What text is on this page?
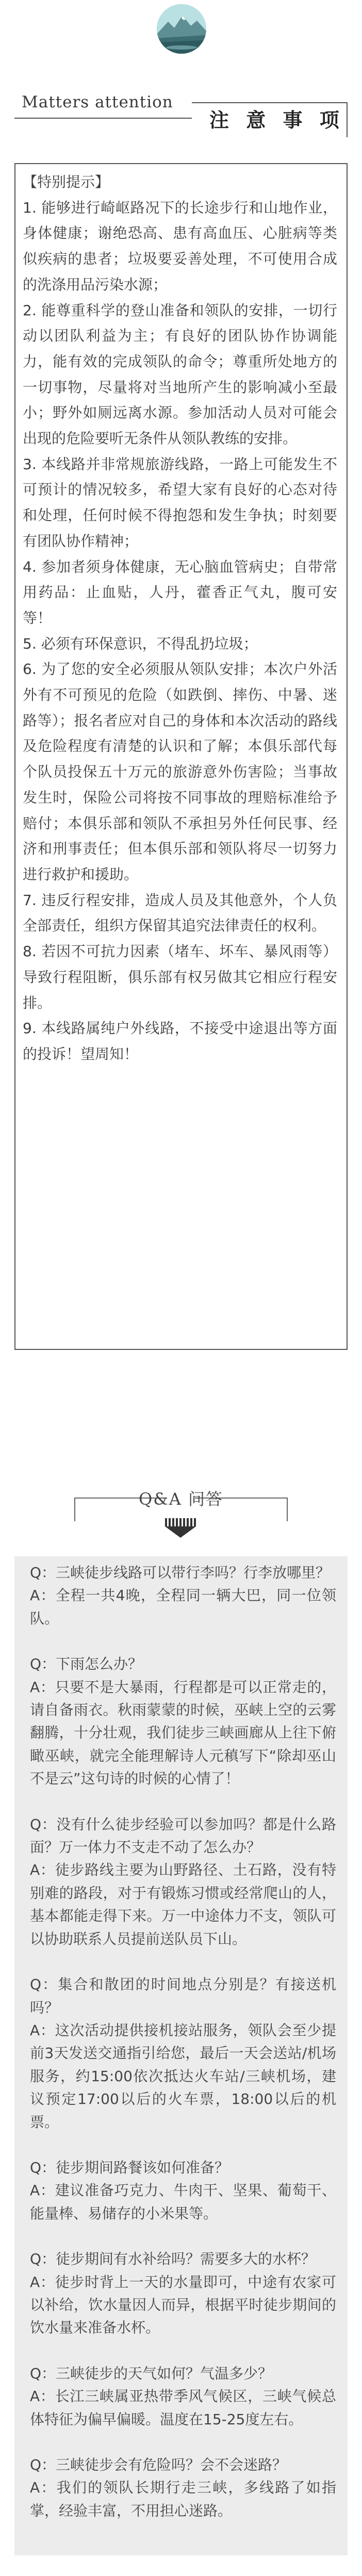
Matters attention
注 意 事 项

【特别提示】

1. 能够进行崎岖路况下的长途步行和山地作业，身体健康；谢绝恐高、患有高血压、心脏病等类似疾病的患者；垃圾要妥善处理，不可使用合成的洗涤用品污染水源；

2. 能尊重科学的登山准备和领队的安排，一切行动以团队利益为主；有良好的团队协作协调能力，能有效的完成领队的命令；尊重所处地方的一切事物，尽量将对当地所产生的影响减小至最小；野外如厕远离水源。参加活动人员对可能会出现的危险要听无条件从领队教练的安排。

3. 本线路并非常规旅游线路，一路上可能发生不可预计的情况较多，希望大家有良好的心态对待和处理，任何时候不得抱怨和发生争执；时刻要有团队协作精神；

4. 参加者须身体健康，无心脑血管病史；自带常用药品：止血贴，人丹，藿香正气丸，腹可安等！

5. 必须有环保意识，不得乱扔垃圾；

6. 为了您的安全必须服从领队安排；本次户外活外有不可预见的危险（如跌倒、摔伤、中暑、迷路等）；报名者应对自己的身体和本次活动的路线及危险程度有清楚的认识和了解；本俱乐部代每个队员投保五十万元的旅游意外伤害险；当事故发生时，保险公司将按不同事故的理赔标准给予赔付；本俱乐部和领队不承担另外任何民事、经济和刑事责任；但本俱乐部和领队将尽一切努力进行救护和援助。

7. 违反行程安排，造成人员及其他意外，个人负全部责任，组织方保留其追究法律责任的权利。

8. 若因不可抗力因素（堵车、坏车、暴风雨等）导致行程阻断，俱乐部有权另做其它相应行程安排。

9. 本线路属纯户外线路，不接受中途退出等方面的投诉！望周知！

Q&A 问答

Q：三峡徒步线路可以带行李吗？行李放哪里？

A：全程一共4晚，全程同一辆大巴，同一位领队。

Q：下雨怎么办？

A：只要不是大暴雨，行程都是可以正常走的，请自备雨衣。秋雨蒙蒙的时候，巫峡上空的云雾翻腾，十分壮观，我们徒步三峡画廊从上往下俯瞰巫峡，就完全能理解诗人元稹写下“除却巫山不是云”这句诗的时候的心情了！

Q：没有什么徒步经验可以参加吗？都是什么路面？万一体力不支走不动了怎么办？

A：徒步路线主要为山野路径、土石路，没有特别难的路段，对于有锻炼习惯或经常爬山的人，基本都能走得下来。万一中途体力不支，领队可以协助联系人员提前送队员下山。

Q：集合和散团的时间地点分别是？有接送机吗？

A：这次活动提供接机接站服务，领队会至少提前3天发送交通指引给您，最后一天会送站/机场服务，约15:00依次抵达火车站/三峡机场，建议预定17:00以后的火车票，18:00以后的机票。

Q：徒步期间路餐该如何准备？

A：建议准备巧克力、牛肉干、坚果、葡萄干、能量棒、易储存的小米果等。

Q：徒步期间有水补给吗？需要多大的水杯？

A：徒步时背上一天的水量即可，中途有农家可以补给，饮水量因人而异，根据平时徒步期间的饮水量来准备水杯。

Q：三峡徒步的天气如何？气温多少？

A：长江三峡属亚热带季风气候区，三峡气候总体特征为偏早偏暖。温度在15-25度左右。

Q：三峡徒步会有危险吗？会不会迷路？

A：我们的领队长期行走三峡，多线路了如指掌，经验丰富，不用担心迷路。
